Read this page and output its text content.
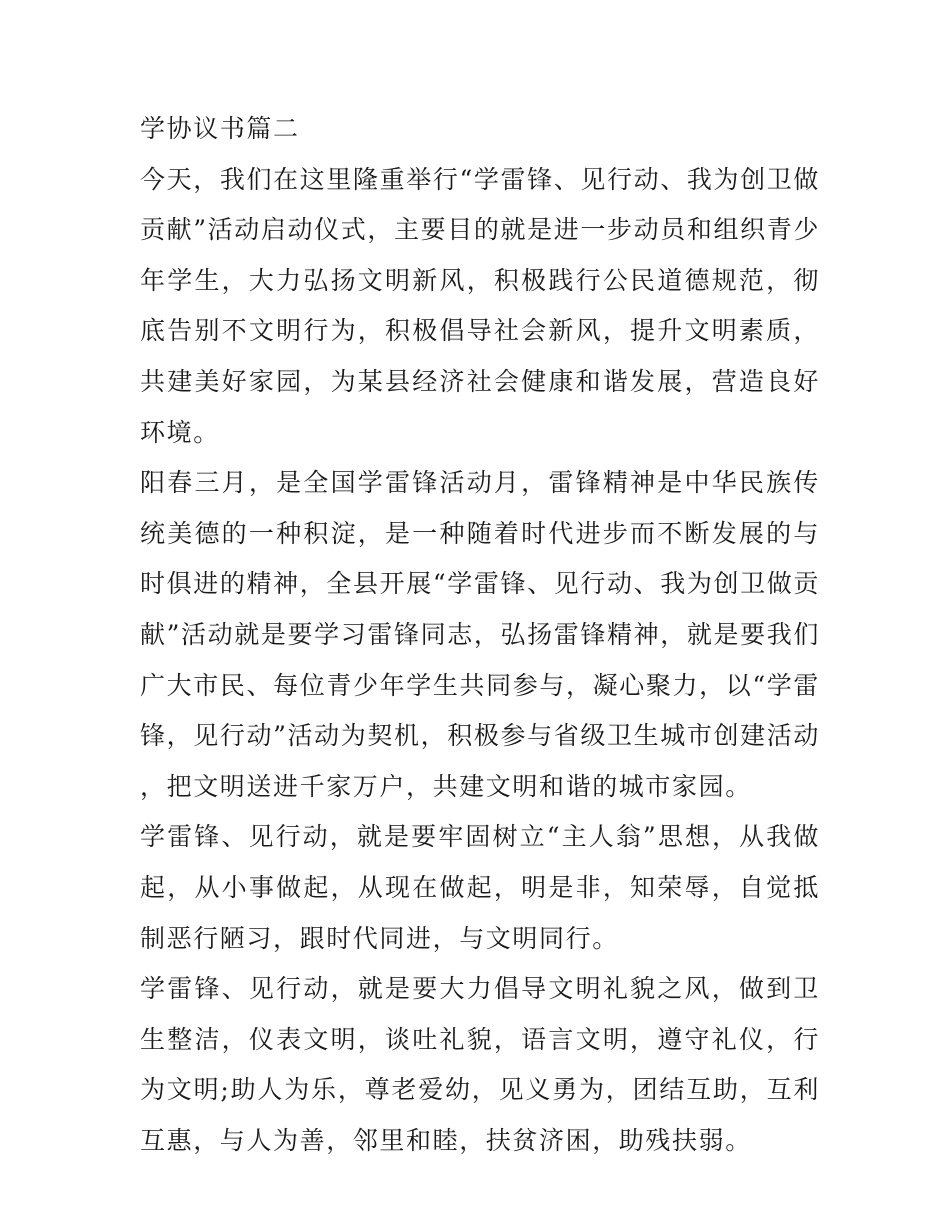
学协议书篇二

今天，我们在这里隆重举行“学雷锋、见行动、我为创卫做贡献”活动启动仪式，主要目的就是进一步动员和组织青少年学生，大力弘扬文明新风，积极践行公民道德规范，彻底告别不文明行为，积极倡导社会新风，提升文明素质，共建美好家园，为某县经济社会健康和谐发展，营造良好环境。

阳春三月，是全国学雷锋活动月，雷锋精神是中华民族传统美德的一种积淀，是一种随着时代进步而不断发展的与时俱进的精神，全县开展“学雷锋、见行动、我为创卫做贡献”活动就是要学习雷锋同志，弘扬雷锋精神，就是要我们广大市民、每位青少年学生共同参与，凝心聚力，以“学雷锋，见行动”活动为契机，积极参与省级卫生城市创建活动，把文明送进千家万户，共建文明和谐的城市家园。

学雷锋、见行动，就是要牢固树立“主人翁”思想，从我做起，从小事做起，从现在做起，明是非，知荣辱，自觉抵制恶行陋习，跟时代同进，与文明同行。

学雷锋、见行动，就是要大力倡导文明礼貌之风，做到卫生整洁，仪表文明，谈吐礼貌，语言文明，遵守礼仪，行为文明;助人为乐，尊老爱幼，见义勇为，团结互助，互利互惠，与人为善，邻里和睦，扶贫济困，助残扶弱。
